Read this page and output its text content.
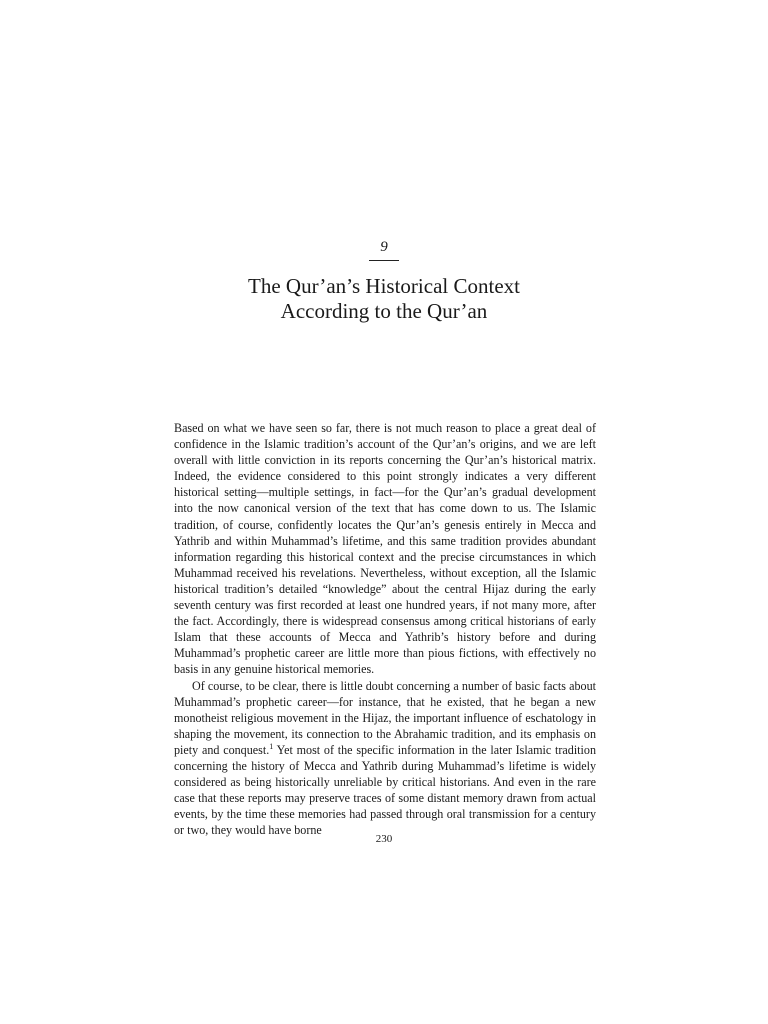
9
The Qur’an’s Historical Context
According to the Qur’an

Based on what we have seen so far, there is not much reason to place a great deal of confidence in the Islamic tradition’s account of the Qur’an’s origins, and we are left overall with little conviction in its reports concerning the Qur’an’s historical matrix. Indeed, the evidence considered to this point strongly indicates a very different historical setting—multiple settings, in fact—for the Qur’an’s gradual development into the now canonical version of the text that has come down to us. The Islamic tradition, of course, confidently locates the Qur’an’s genesis entirely in Mecca and Yathrib and within Muhammad’s lifetime, and this same tradition provides abundant information regarding this historical context and the precise circumstances in which Muhammad received his revelations. Nevertheless, without exception, all the Islamic historical tradition’s detailed “knowledge” about the central Hijaz during the early seventh century was first recorded at least one hundred years, if not many more, after the fact. Accordingly, there is widespread consensus among critical historians of early Islam that these accounts of Mecca and Yathrib’s history before and during Muhammad’s prophetic career are little more than pious fictions, with effectively no basis in any genuine historical memories.

Of course, to be clear, there is little doubt concerning a number of basic facts about Muhammad’s prophetic career—for instance, that he existed, that he began a new monotheist religious movement in the Hijaz, the important influence of eschatology in shaping the movement, its connection to the Abrahamic tradition, and its emphasis on piety and conquest.$^1$ Yet most of the specific information in the later Islamic tradition concerning the history of Mecca and Yathrib during Muhammad’s lifetime is widely considered as being historically unreliable by critical historians. And even in the rare case that these reports may preserve traces of some distant memory drawn from actual events, by the time these memories had passed through oral transmission for a century or two, they would have borne

230
